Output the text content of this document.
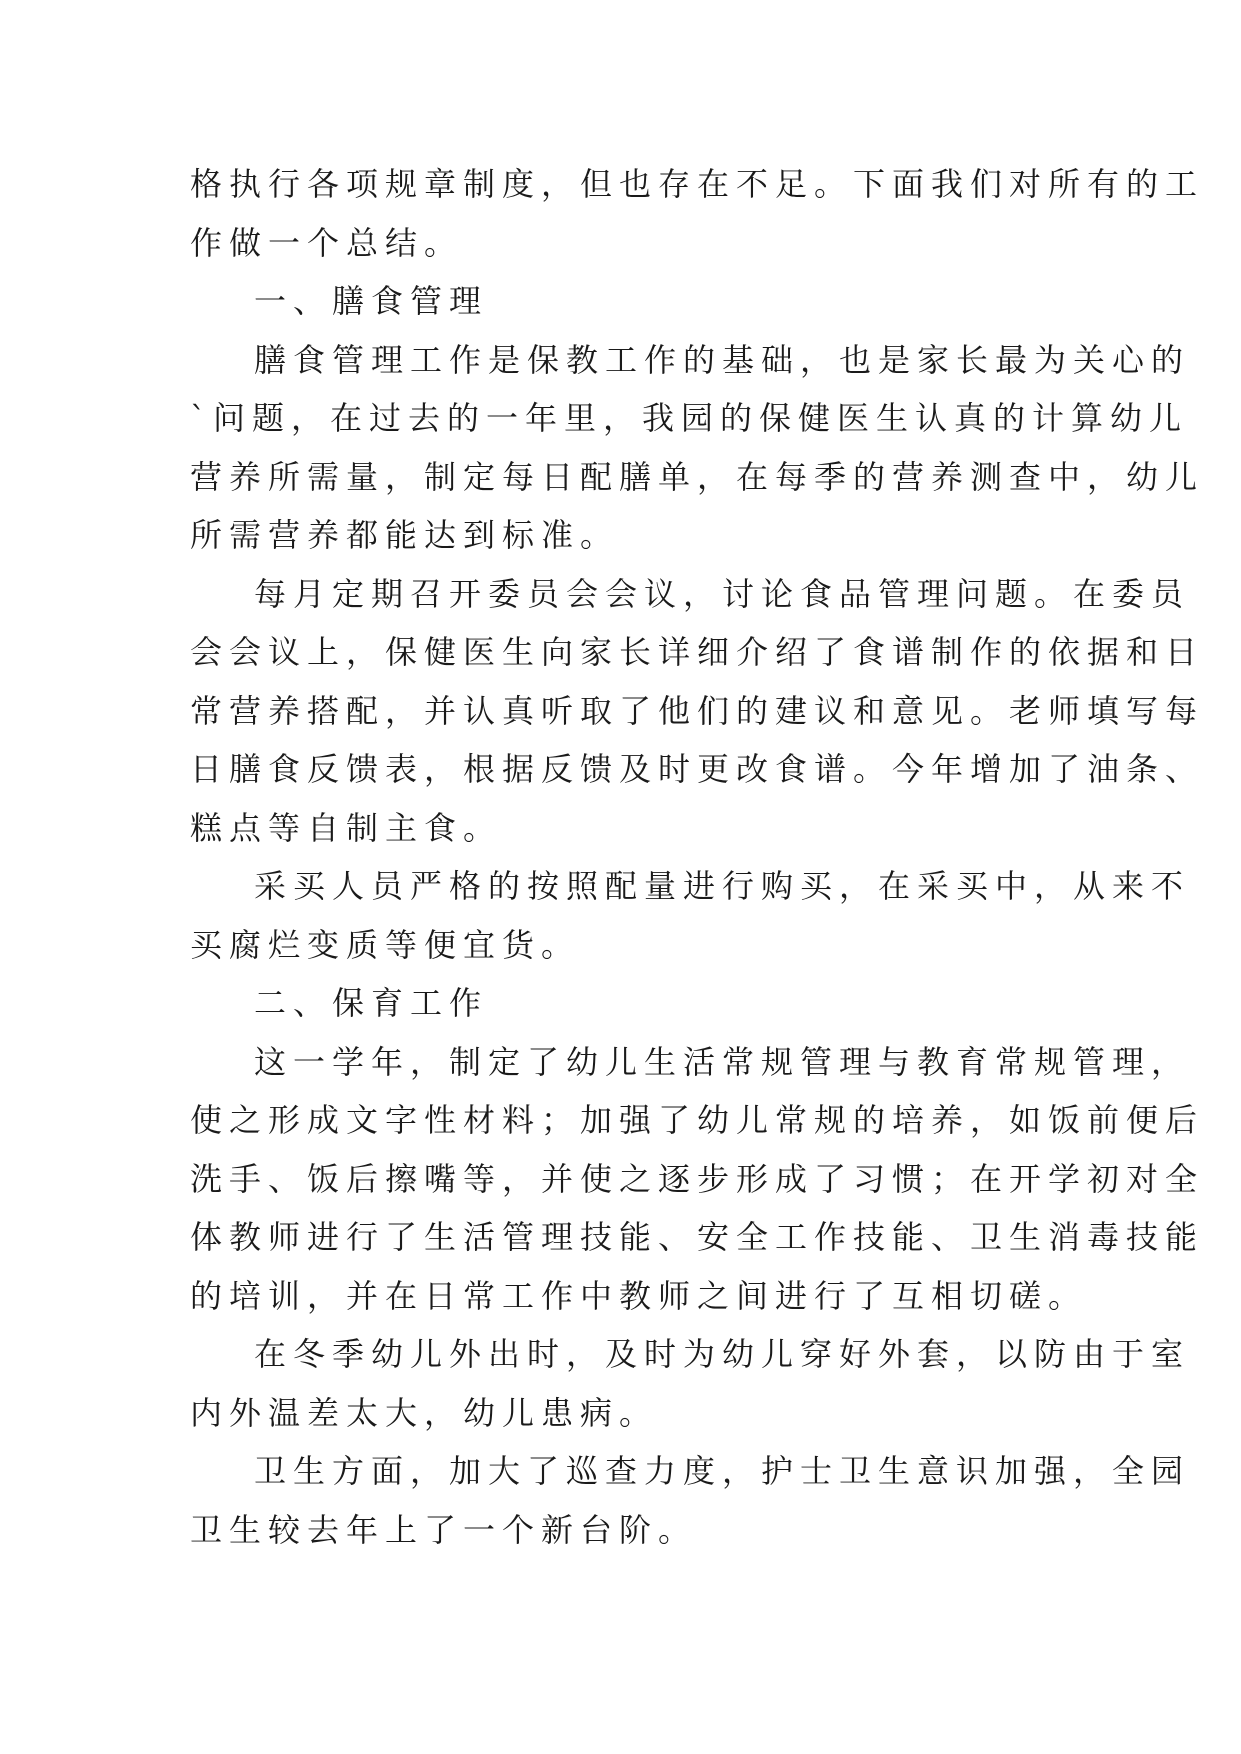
格执行各项规章制度，但也存在不足。下面我们对所有的工
作做一个总结。
一、膳食管理
膳食管理工作是保教工作的基础，也是家长最为关心的
`问题，在过去的一年里，我园的保健医生认真的计算幼儿
营养所需量，制定每日配膳单，在每季的营养测查中，幼儿
所需营养都能达到标准。
每月定期召开委员会会议，讨论食品管理问题。在委员
会会议上，保健医生向家长详细介绍了食谱制作的依据和日
常营养搭配，并认真听取了他们的建议和意见。老师填写每
日膳食反馈表，根据反馈及时更改食谱。今年增加了油条、
糕点等自制主食。
采买人员严格的按照配量进行购买，在采买中，从来不
买腐烂变质等便宜货。
二、保育工作
这一学年，制定了幼儿生活常规管理与教育常规管理，
使之形成文字性材料；加强了幼儿常规的培养，如饭前便后
洗手、饭后擦嘴等，并使之逐步形成了习惯；在开学初对全
体教师进行了生活管理技能、安全工作技能、卫生消毒技能
的培训，并在日常工作中教师之间进行了互相切磋。
在冬季幼儿外出时，及时为幼儿穿好外套，以防由于室
内外温差太大，幼儿患病。
卫生方面，加大了巡查力度，护士卫生意识加强，全园
卫生较去年上了一个新台阶。
